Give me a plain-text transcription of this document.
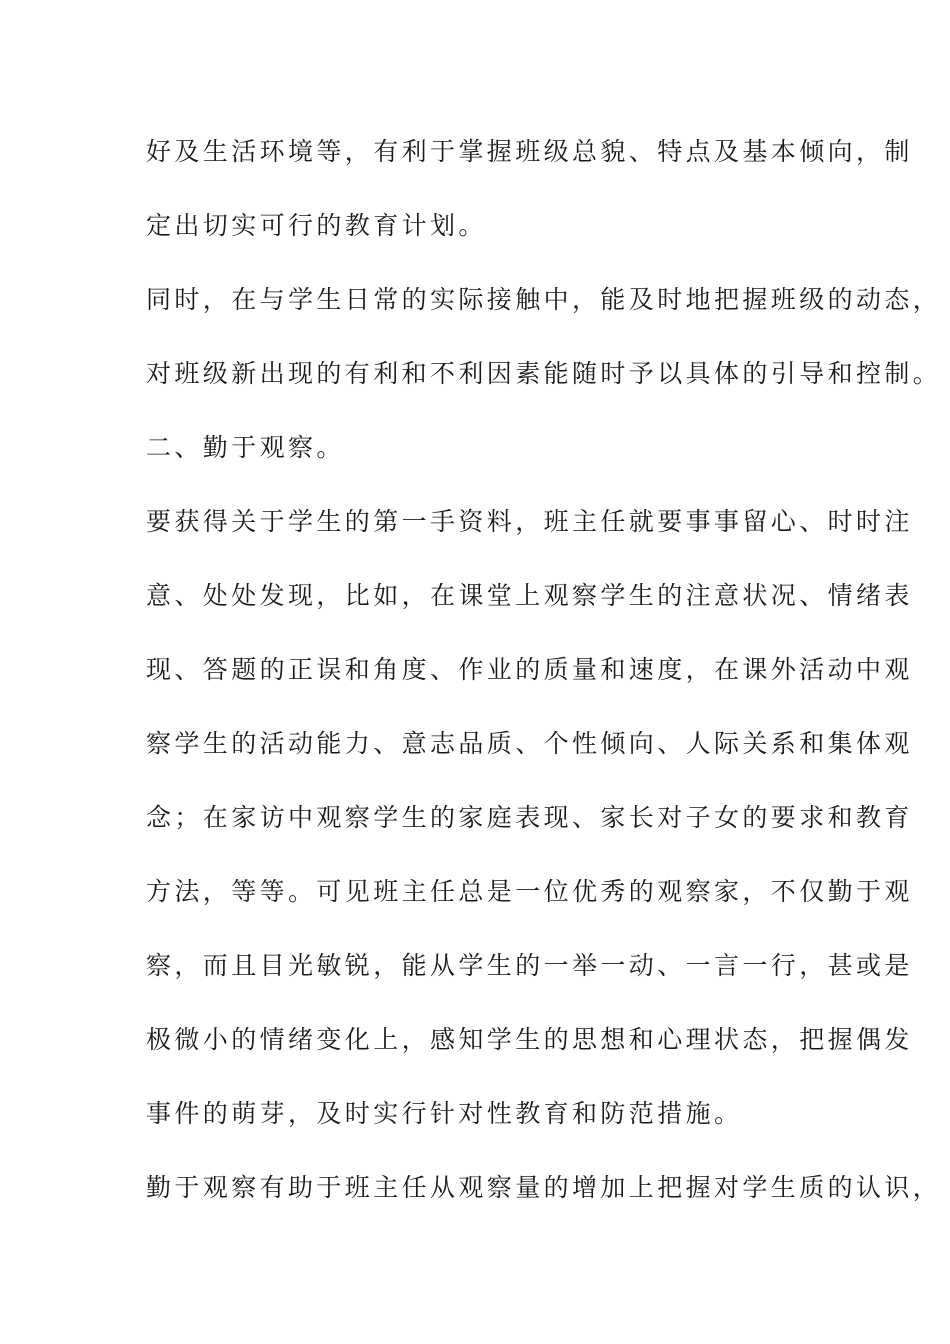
好及生活环境等，有利于掌握班级总貌、特点及基本倾向，制
定出切实可行的教育计划。
同时，在与学生日常的实际接触中，能及时地把握班级的动态，
对班级新出现的有利和不利因素能随时予以具体的引导和控制。
二、勤于观察。
要获得关于学生的第一手资料，班主任就要事事留心、时时注
意、处处发现，比如，在课堂上观察学生的注意状况、情绪表
现、答题的正误和角度、作业的质量和速度，在课外活动中观
察学生的活动能力、意志品质、个性倾向、人际关系和集体观
念；在家访中观察学生的家庭表现、家长对子女的要求和教育
方法，等等。可见班主任总是一位优秀的观察家，不仅勤于观
察，而且目光敏锐，能从学生的一举一动、一言一行，甚或是
极微小的情绪变化上，感知学生的思想和心理状态，把握偶发
事件的萌芽，及时实行针对性教育和防范措施。
勤于观察有助于班主任从观察量的增加上把握对学生质的认识，
